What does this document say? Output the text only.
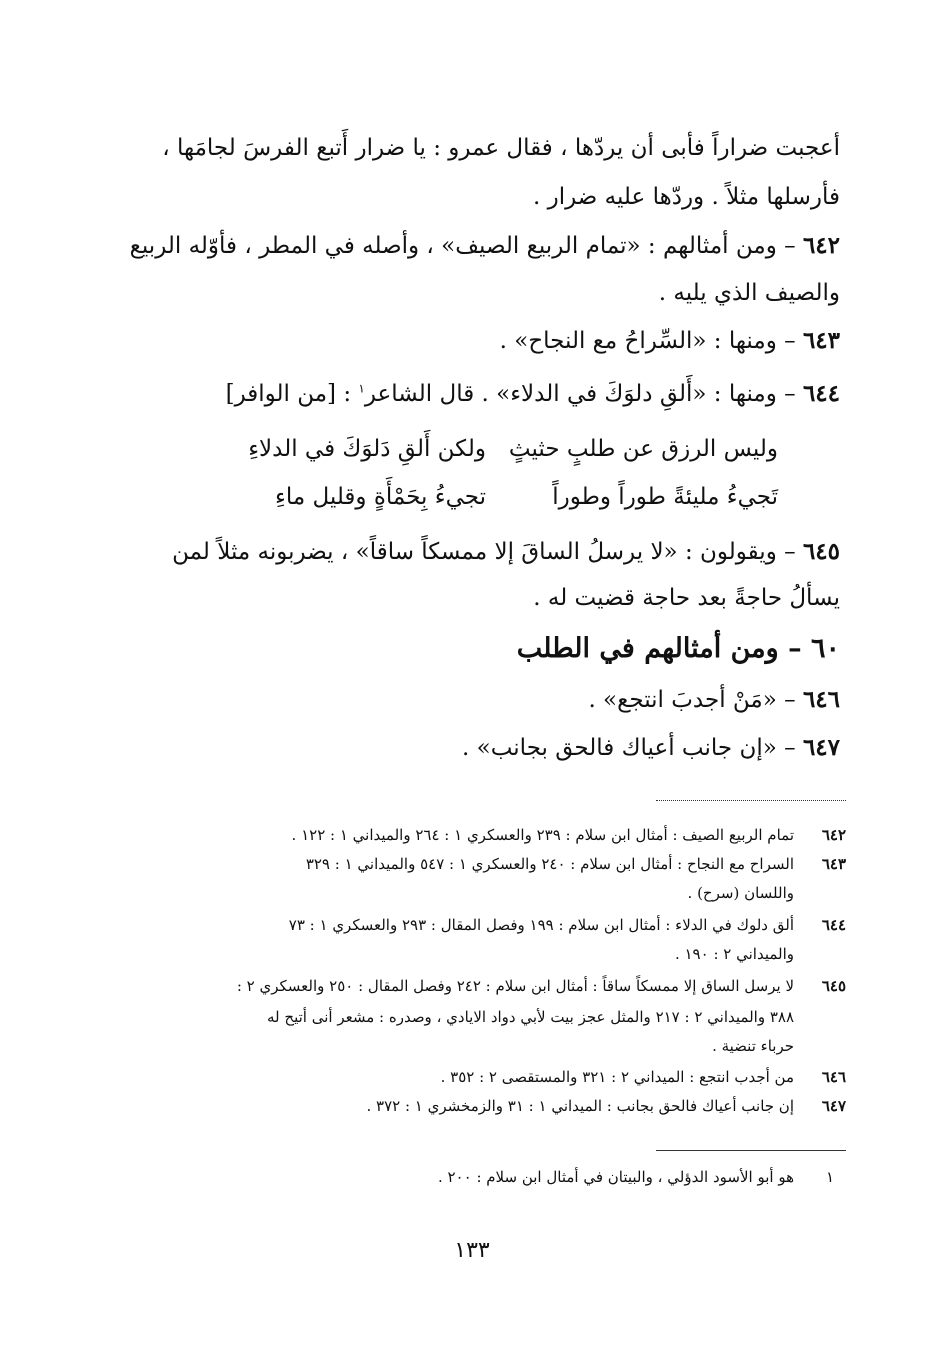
أعجبت ضراراً فأبى أن يردّها ، فقال عمرو : يا ضرار أَتبع الفرسَ لجامَها ،
فأرسلها مثلاً . وردّها عليه ضرار .
٦٤٢ – ومن أمثالهم : «تمام الربيع الصيف» ، وأصله في المطر ، فأوّله الربيع
والصيف الذي يليه .
٦٤٣ – ومنها : «السِّراحُ مع النجاح» .
٦٤٤ – ومنها : «أَلقِ دلوَكَ في الدلاء» . قال الشاعر$^١$ : [من الوافر]
وليس الرزق عن طلبٍ حثيثٍ
ولكن أَلقِ دَلوَكَ في الدلاءِ
تَجيءُ مليئةً طوراً وطوراً
تجيءُ بِحَمْأَةٍ وقليل ماءِ
٦٤٥ – ويقولون : «لا يرسلُ الساقَ إلا ممسكاً ساقاً» ، يضربونه مثلاً لمن
يسألُ حاجةً بعد حاجة قضيت له .
٦٠ – ومن أمثالهم في الطلب
٦٤٦ – «مَنْ أجدبَ انتجع» .
٦٤٧ – «إن جانب أعياك فالحق بجانب» .
٦٤٢
تمام الربيع الصيف : أمثال ابن سلام : ٢٣٩ والعسكري ١ : ٢٦٤ والميداني ١ : ١٢٢ .
٦٤٣
السراح مع النجاح : أمثال ابن سلام : ٢٤٠ والعسكري ١ : ٥٤٧ والميداني ١ : ٣٢٩
واللسان (سرح) .
٦٤٤
ألق دلوك في الدلاء : أمثال ابن سلام : ١٩٩ وفصل المقال : ٢٩٣ والعسكري ١ : ٧٣
والميداني ٢ : ١٩٠ .
٦٤٥
لا يرسل الساق إلا ممسكاً ساقاً : أمثال ابن سلام : ٢٤٢ وفصل المقال : ٢٥٠ والعسكري ٢ :
٣٨٨ والميداني ٢ : ٢١٧ والمثل عجز بيت لأبي دواد الايادي ، وصدره : مشعر أنى أتيح له
حرباء تنضية .
٦٤٦
من أجدب انتجع : الميداني ٢ : ٣٢١ والمستقصى ٢ : ٣٥٢ .
٦٤٧
إن جانب أعياك فالحق بجانب : الميداني ١ : ٣١ والزمخشري ١ : ٣٧٢ .
١
هو أبو الأسود الدؤلي ، والبيتان في أمثال ابن سلام : ٢٠٠ .
١٣٣
